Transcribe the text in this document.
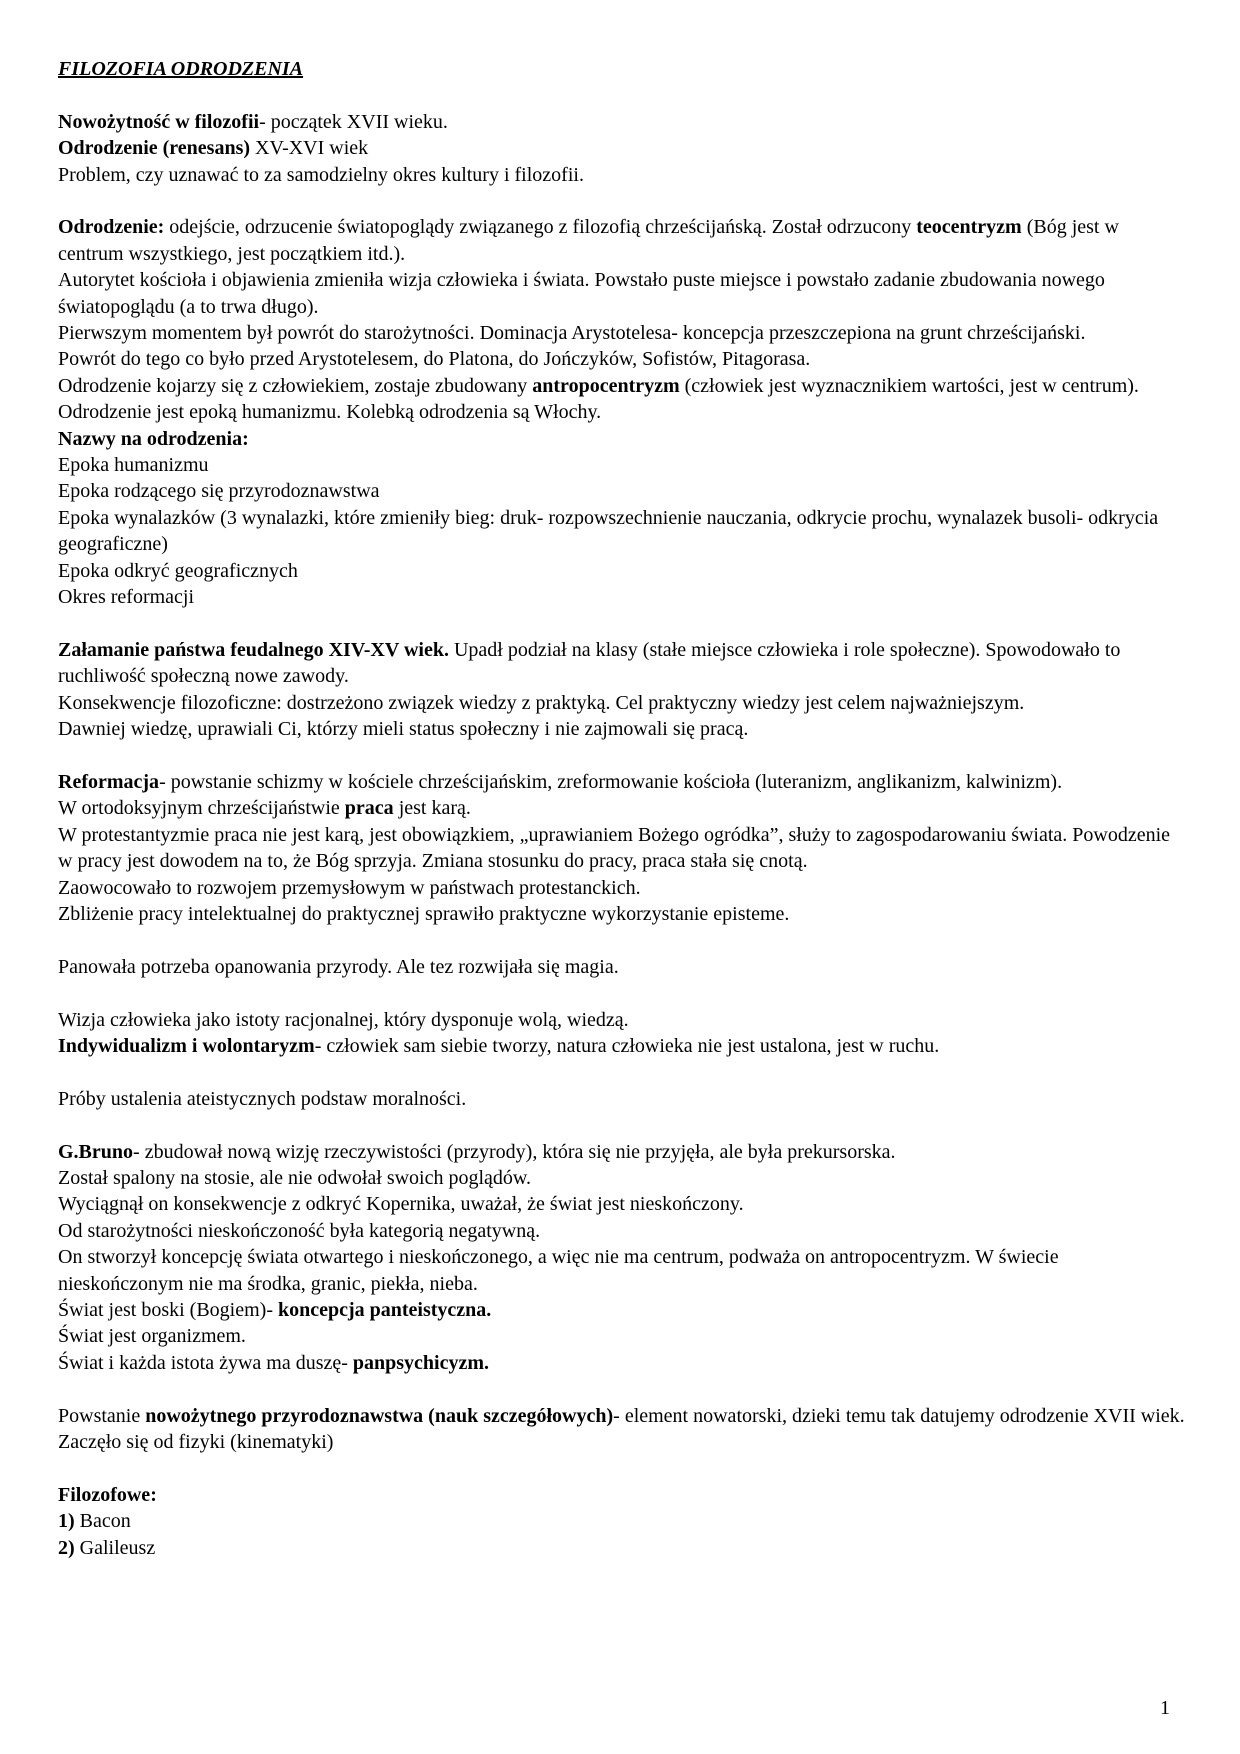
FILOZOFIA ODRODZENIA
Nowożytność w filozofii- początek XVII wieku.
Odrodzenie (renesans) XV-XVI wiek
Problem, czy uznawać to za samodzielny okres kultury i filozofii.
Odrodzenie: odejście, odrzucenie światopoglądy związanego z filozofią chrześcijańską. Został odrzucony teocentryzm (Bóg jest w centrum wszystkiego, jest początkiem itd.).
Autorytet kościoła i objawienia zmieniła wizja człowieka i świata. Powstało puste miejsce i powstało zadanie zbudowania nowego światopoglądu (a to trwa długo).
Pierwszym momentem był powrót do starożytności. Dominacja Arystotelesa- koncepcja przeszczepiona na grunt chrześcijański.
Powrót do tego co było przed Arystotelesem, do Platona, do Jończyków, Sofistów, Pitagorasa.
Odrodzenie kojarzy się z człowiekiem, zostaje zbudowany antropocentryzm (człowiek jest wyznacznikiem wartości, jest w centrum).
Odrodzenie jest epoką humanizmu. Kolebką odrodzenia są Włochy.
Nazwy na odrodzenia:
Epoka humanizmu
Epoka rodzącego się przyrodoznawstwa
Epoka wynalazków (3 wynalazki, które zmieniły bieg: druk- rozpowszechnienie nauczania, odkrycie prochu, wynalazek busoli- odkrycia geograficzne)
Epoka odkryć geograficznych
Okres reformacji
Załamanie państwa feudalnego XIV-XV wiek. Upadł podział na klasy (stałe miejsce człowieka i role społeczne). Spowodowało to ruchliwość społeczną nowe zawody.
Konsekwencje filozoficzne: dostrzeżono związek wiedzy z praktyką. Cel praktyczny wiedzy jest celem najważniejszym.
Dawniej wiedzę, uprawiali Ci, którzy mieli status społeczny i nie zajmowali się pracą.
Reformacja- powstanie schizmy w kościele chrześcijańskim, zreformowanie kościoła (luteranizm, anglikanizm, kalwinizm).
W ortodoksyjnym chrześcijaństwie praca jest karą.
W protestantyzmie praca nie jest karą, jest obowiązkiem, „uprawianiem Bożego ogródka”, służy to zagospodarowaniu świata. Powodzenie w pracy jest dowodem na to, że Bóg sprzyja. Zmiana stosunku do pracy, praca stała się cnotą.
Zaowocowało to rozwojem przemysłowym w państwach protestanckich.
Zbliżenie pracy intelektualnej do praktycznej sprawiło praktyczne wykorzystanie episteme.
Panowała potrzeba opanowania przyrody. Ale tez rozwijała się magia.
Wizja człowieka jako istoty racjonalnej, który dysponuje wolą, wiedzą.
Indywidualizm i wolontaryzm- człowiek sam siebie tworzy, natura człowieka nie jest ustalona, jest w ruchu.
Próby ustalenia ateistycznych podstaw moralności.
G.Bruno- zbudował nową wizję rzeczywistości (przyrody), która się nie przyjęła, ale była prekursorska.
Został spalony na stosie, ale nie odwołał swoich poglądów.
Wyciągnął on konsekwencje z odkryć Kopernika, uważał, że świat jest nieskończony.
Od starożytności nieskończoność była kategorią negatywną.
On stworzył koncepcję świata otwartego i nieskończonego, a więc nie ma centrum, podważa on antropocentryzm. W świecie nieskończonym nie ma środka, granic, piekła, nieba.
Świat jest boski (Bogiem)- koncepcja panteistyczna.
Świat jest organizmem.
Świat i każda istota żywa ma duszę- panpsychicyzm.
Powstanie nowożytnego przyrodoznawstwa (nauk szczegółowych)- element nowatorski, dzieki temu tak datujemy odrodzenie XVII wiek.
Zaczęło się od fizyki (kinematyki)
Filozofowe:
1) Bacon
2) Galileusz
1
